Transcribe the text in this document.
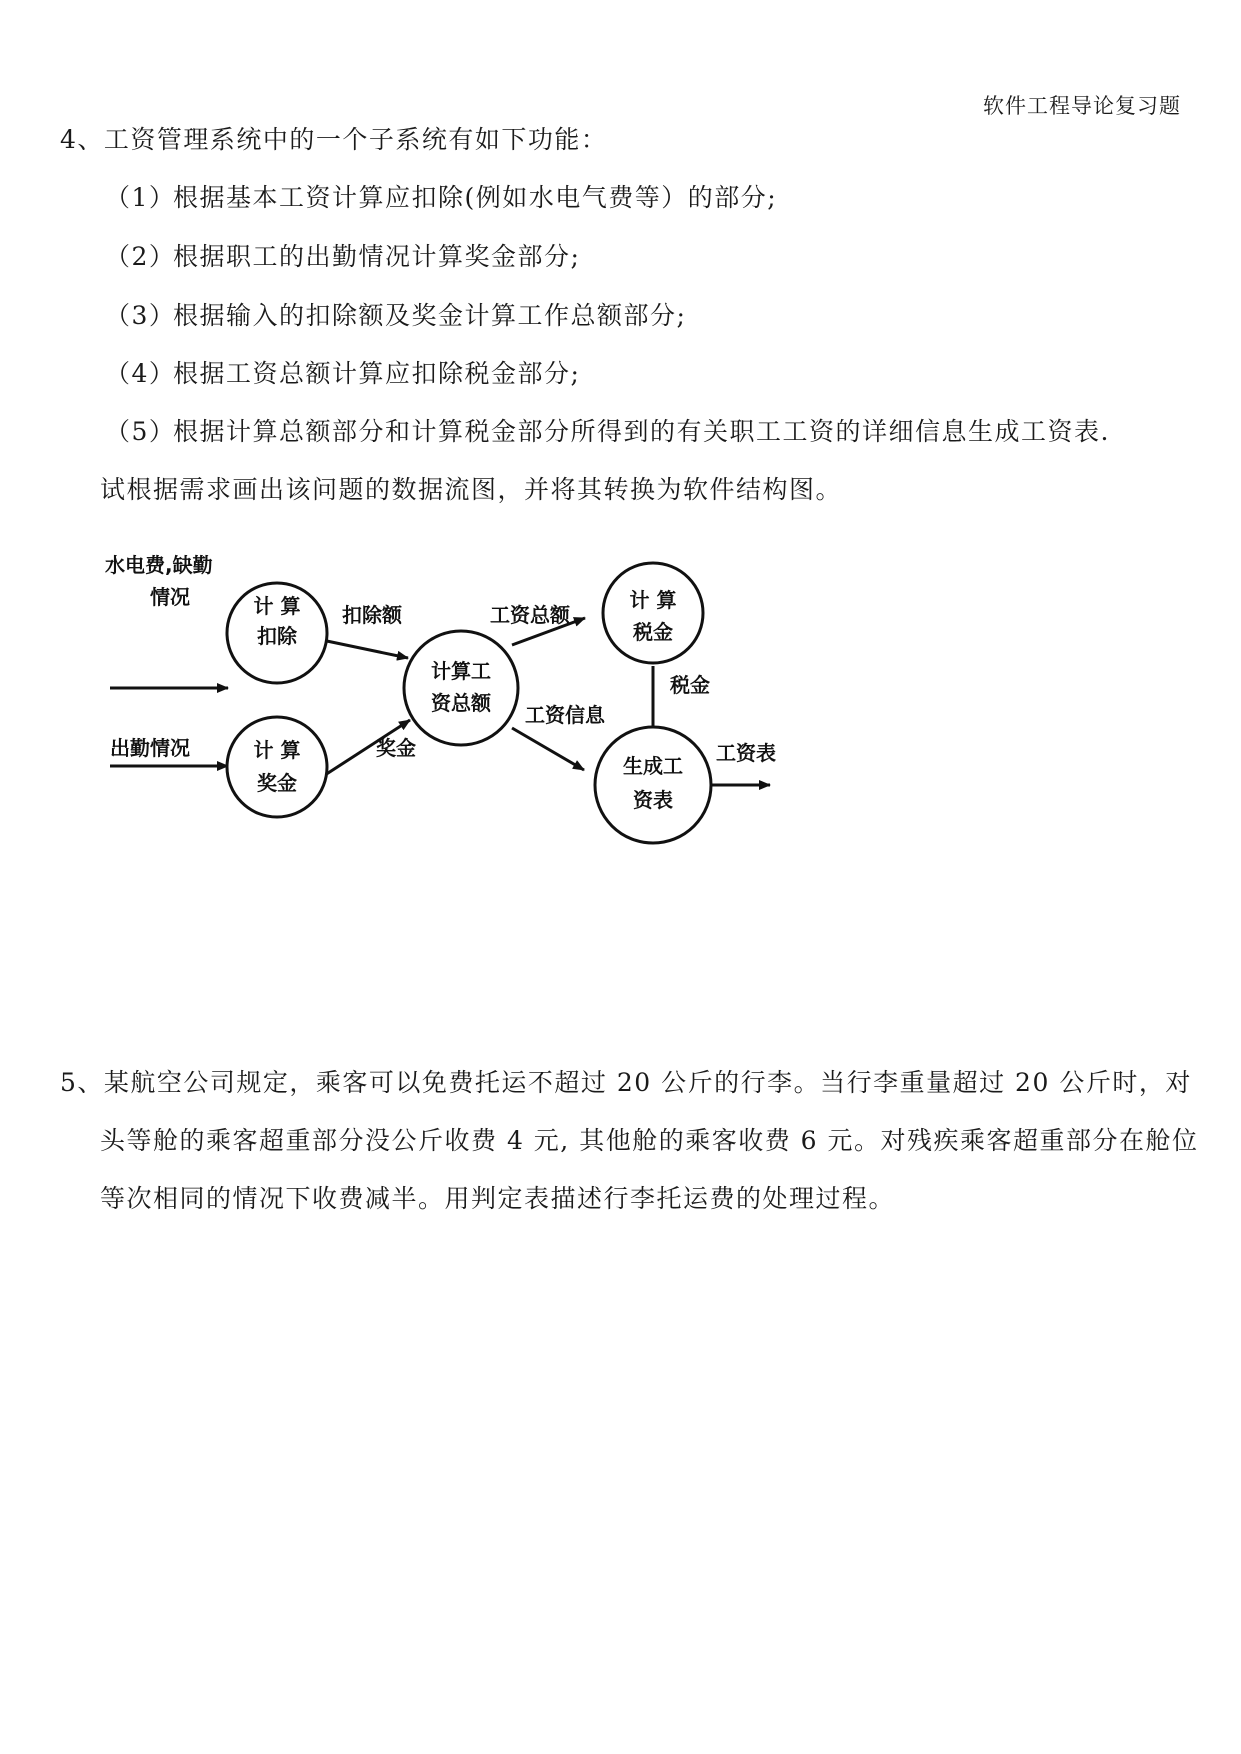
软件工程导论复习题
4、工资管理系统中的一个子系统有如下功能：
（1）根据基本工资计算应扣除(例如水电气费等）的部分;
（2）根据职工的出勤情况计算奖金部分;
（3）根据输入的扣除额及奖金计算工作总额部分;
（4）根据工资总额计算应扣除税金部分;
（5）根据计算总额部分和计算税金部分所得到的有关职工工资的详细信息生成工资表.
试根据需求画出该问题的数据流图，并将其转换为软件结构图。
计 算
扣除
计 算
奖金
计算工
资总额
计 算
税金
生成工
资表
水电费,缺勤
情况
出勤情况
扣除额
奖金
工资总额
工资信息
税金
工资表
5、某航空公司规定，乘客可以免费托运不超过 20 公斤的行李。当行李重量超过 20 公斤时，对
头等舱的乘客超重部分没公斤收费 4 元, 其他舱的乘客收费 6 元。对残疾乘客超重部分在舱位
等次相同的情况下收费减半。用判定表描述行李托运费的处理过程。
